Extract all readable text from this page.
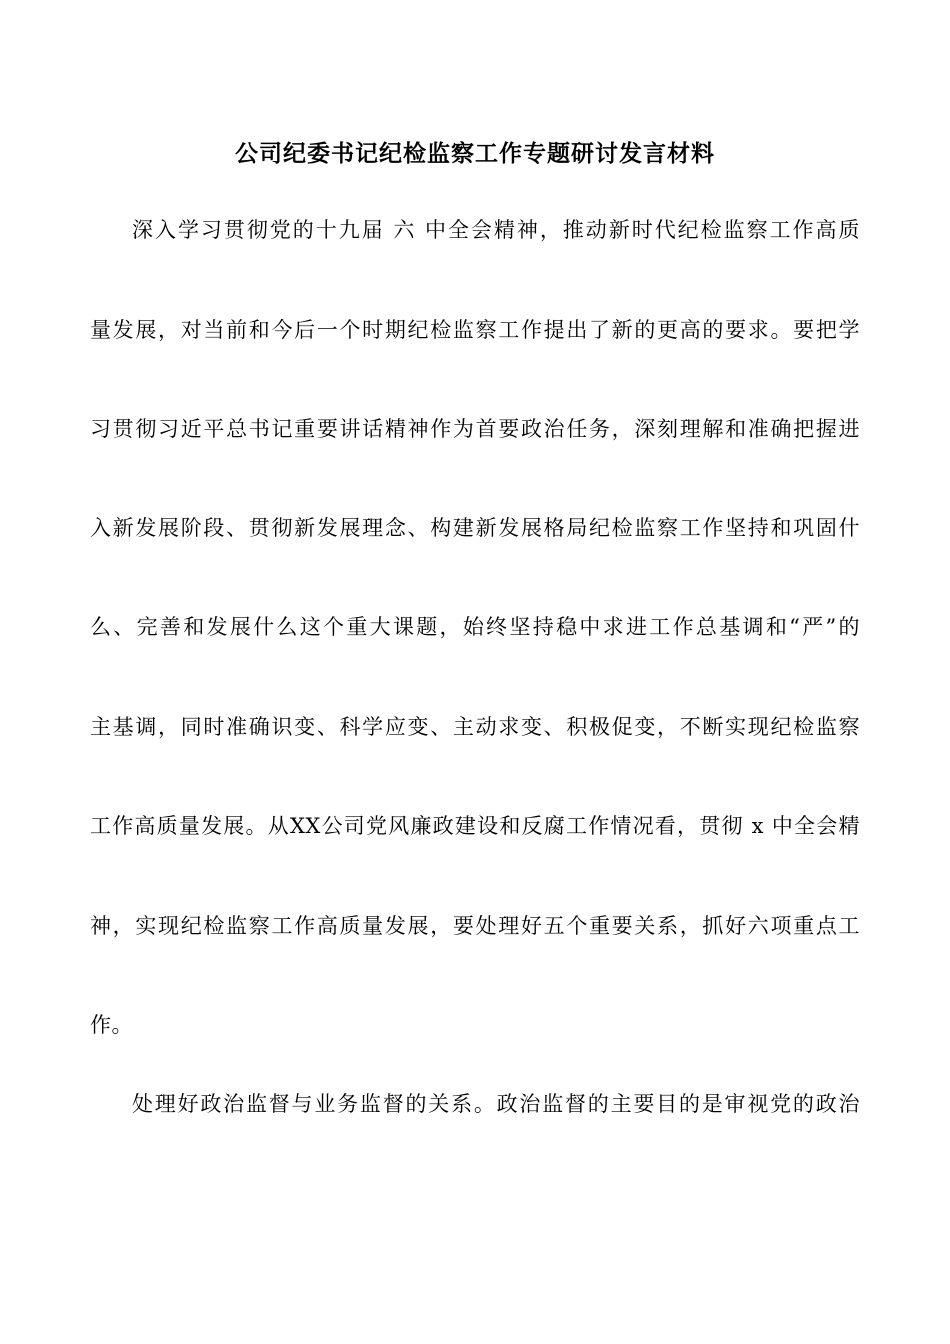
公司纪委书记纪检监察工作专题研讨发言材料
深入学习贯彻党的十九届 六 中全会精神，推动新时代纪检监察工作高质
量发展，对当前和今后一个时期纪检监察工作提出了新的更高的要求。要把学
习贯彻习近平总书记重要讲话精神作为首要政治任务，深刻理解和准确把握进
入新发展阶段、贯彻新发展理念、构建新发展格局纪检监察工作坚持和巩固什
么、完善和发展什么这个重大课题，始终坚持稳中求进工作总基调和“严”的
主基调，同时准确识变、科学应变、主动求变、积极促变，不断实现纪检监察
工作高质量发展。从XX公司党风廉政建设和反腐工作情况看，贯彻 x 中全会精
神，实现纪检监察工作高质量发展，要处理好五个重要关系，抓好六项重点工
作。
处理好政治监督与业务监督的关系。政治监督的主要目的是审视党的政治
